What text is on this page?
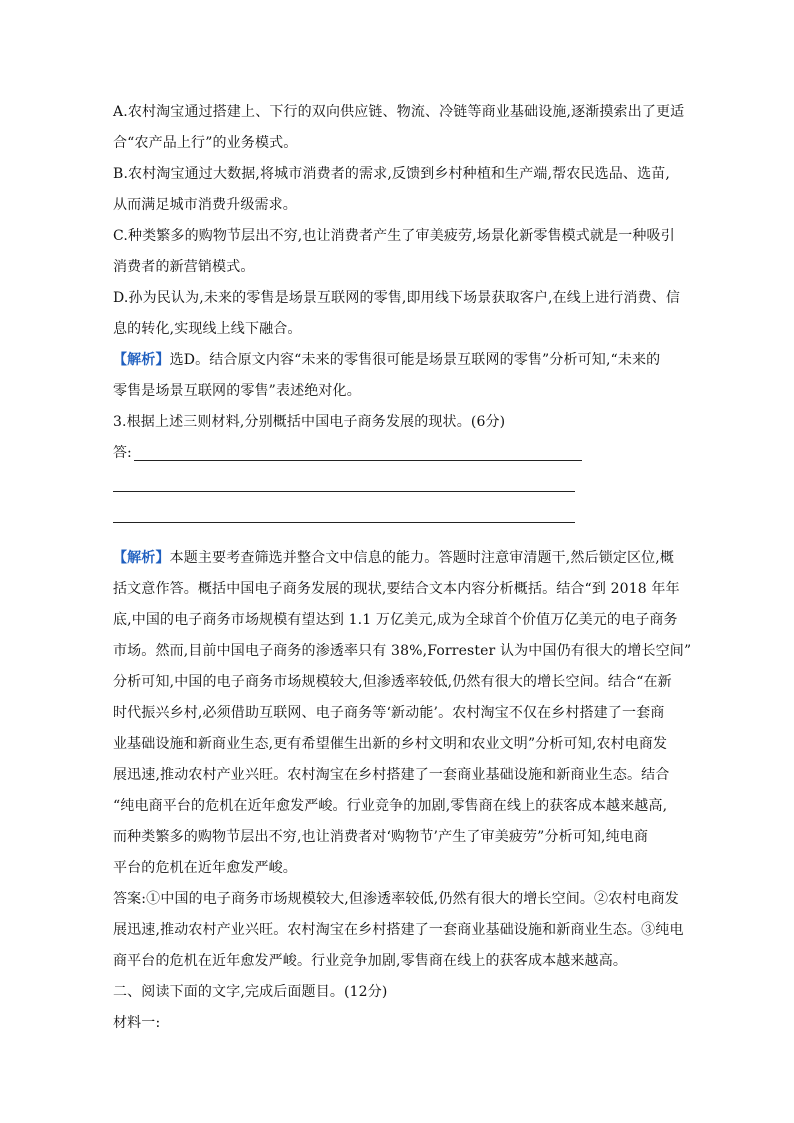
A.农村淘宝通过搭建上、下行的双向供应链、物流、冷链等商业基础设施,逐渐摸索出了更适
合“农产品上行”的业务模式。
B.农村淘宝通过大数据,将城市消费者的需求,反馈到乡村种植和生产端,帮农民选品、选苗,
从而满足城市消费升级需求。
C.种类繁多的购物节层出不穷,也让消费者产生了审美疲劳,场景化新零售模式就是一种吸引
消费者的新营销模式。
D.孙为民认为,未来的零售是场景互联网的零售,即用线下场景获取客户,在线上进行消费、信
息的转化,实现线上线下融合。
【解析】选D。结合原文内容“未来的零售很可能是场景互联网的零售”分析可知,“未来的
零售是场景互联网的零售”表述绝对化。
3.根据上述三则材料,分别概括中国电子商务发展的现状。(6分)
答:
【解析】本题主要考查筛选并整合文中信息的能力。答题时注意审清题干,然后锁定区位,概
括文意作答。概括中国电子商务发展的现状,要结合文本内容分析概括。结合“到 2018 年年
底,中国的电子商务市场规模有望达到 1.1 万亿美元,成为全球首个价值万亿美元的电子商务
市场。然而,目前中国电子商务的渗透率只有 38%,Forrester 认为中国仍有很大的增长空间”
分析可知,中国的电子商务市场规模较大,但渗透率较低,仍然有很大的增长空间。结合“在新
时代振兴乡村,必须借助互联网、电子商务等‘新动能’。农村淘宝不仅在乡村搭建了一套商
业基础设施和新商业生态,更有希望催生出新的乡村文明和农业文明”分析可知,农村电商发
展迅速,推动农村产业兴旺。农村淘宝在乡村搭建了一套商业基础设施和新商业生态。结合
“纯电商平台的危机在近年愈发严峻。行业竞争的加剧,零售商在线上的获客成本越来越高,
而种类繁多的购物节层出不穷,也让消费者对‘购物节’产生了审美疲劳”分析可知,纯电商
平台的危机在近年愈发严峻。
答案:①中国的电子商务市场规模较大,但渗透率较低,仍然有很大的增长空间。②农村电商发
展迅速,推动农村产业兴旺。农村淘宝在乡村搭建了一套商业基础设施和新商业生态。③纯电
商平台的危机在近年愈发严峻。行业竞争加剧,零售商在线上的获客成本越来越高。
二、阅读下面的文字,完成后面题目。(12分)
材料一:
